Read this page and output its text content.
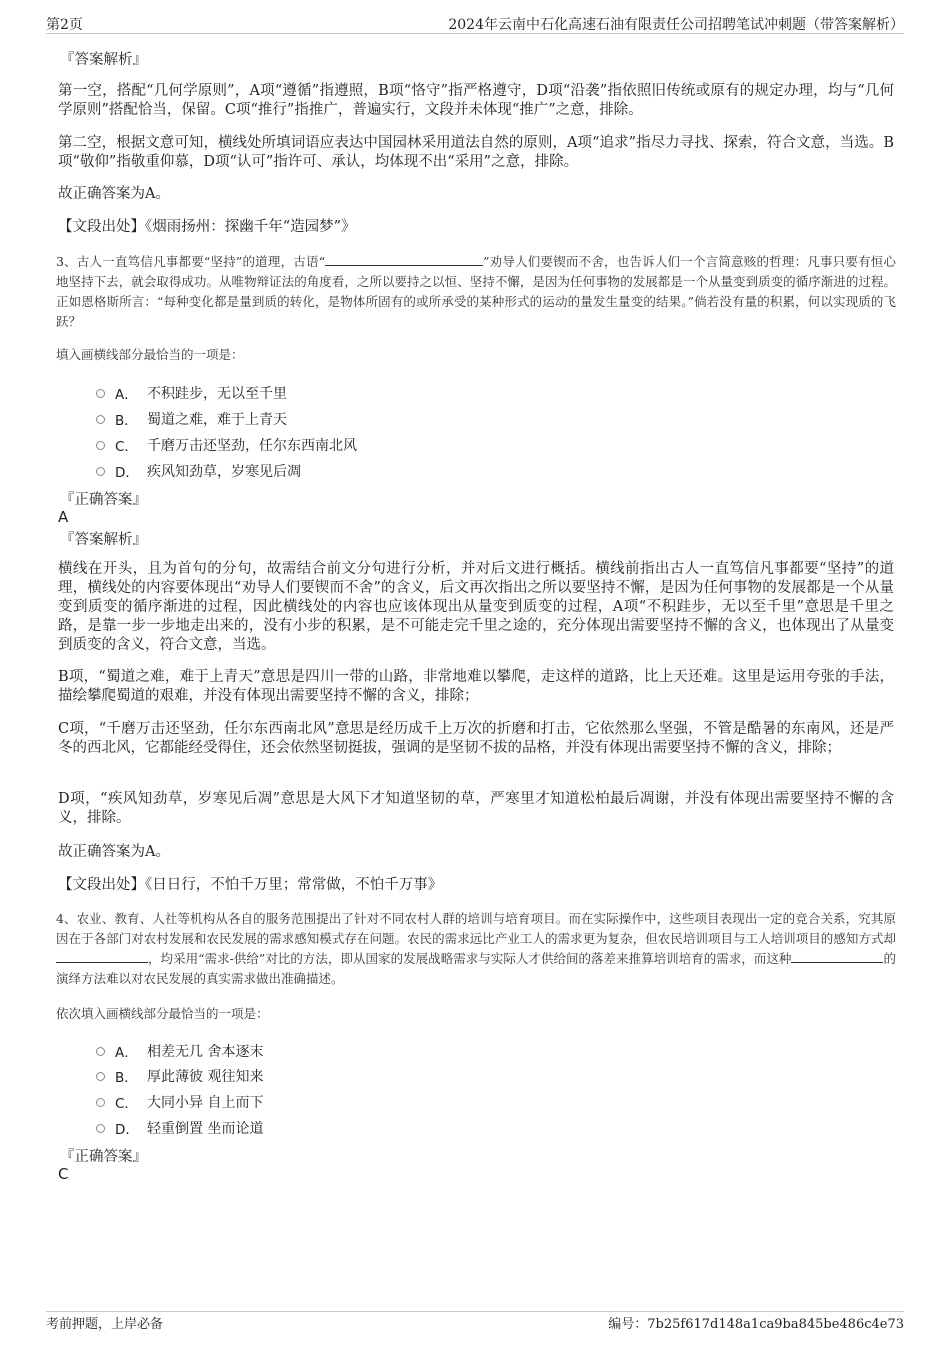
第2页	2024年云南中石化高速石油有限责任公司招聘笔试冲刺题（带答案解析）
『答案解析』
第一空，搭配“几何学原则”，A项“遵循”指遵照，B项“恪守”指严格遵守，D项“沿袭”指依照旧传统或原有的规定办理，均与“几何学原则”搭配恰当，保留。C项“推行”指推广，普遍实行，文段并未体现“推广”之意，排除。
第二空，根据文意可知，横线处所填词语应表达中国园林采用道法自然的原则，A项“追求”指尽力寻找、探索，符合文意，当选。B项“敬仰”指敬重仰慕，D项“认可”指许可、承认，均体现不出“采用”之意，排除。
故正确答案为A。
【文段出处】《烟雨扬州：探幽千年“造园梦”》
3、古人一直笃信凡事都要“坚持”的道理，古语“	”劝导人们要锲而不舍，也告诉人们一个言简意赅的哲理：凡事只要有恒心地坚持下去，就会取得成功。从唯物辩证法的角度看，之所以要持之以恒、坚持不懈，是因为任何事物的发展都是一个从量变到质变的循序渐进的过程。正如恩格斯所言：“每种变化都是量到质的转化，是物体所固有的或所承受的某种形式的运动的量发生量变的结果。”倘若没有量的积累，何以实现质的飞跃？
填入画横线部分最恰当的一项是：
A． 不积跬步，无以至千里
B． 蜀道之难，难于上青天
C． 千磨万击还坚劲，任尔东西南北风
D． 疾风知劲草，岁寒见后凋
『正确答案』
A
『答案解析』
横线在开头，且为首句的分句，故需结合前文分句进行分析，并对后文进行概括。横线前指出古人一直笃信凡事都要“坚持”的道理，横线处的内容要体现出“劝导人们要锲而不舍”的含义，后文再次指出之所以要坚持不懈，是因为任何事物的发展都是一个从量变到质变的循序渐进的过程，因此横线处的内容也应该体现出从量变到质变的过程，A项“不积跬步，无以至千里”意思是千里之路，是靠一步一步地走出来的，没有小步的积累，是不可能走完千里之途的，充分体现出需要坚持不懈的含义，也体现出了从量变到质变的含义，符合文意，当选。
B项，“蜀道之难，难于上青天”意思是四川一带的山路，非常地难以攀爬，走这样的道路，比上天还难。这里是运用夸张的手法，描绘攀爬蜀道的艰难，并没有体现出需要坚持不懈的含义，排除；
C项，“千磨万击还坚劲，任尔东西南北风”意思是经历成千上万次的折磨和打击，它依然那么坚强，不管是酷暑的东南风，还是严冬的西北风，它都能经受得住，还会依然坚韧挺拔，强调的是坚韧不拔的品格，并没有体现出需要坚持不懈的含义，排除；
D项，“疾风知劲草，岁寒见后凋”意思是大风下才知道坚韧的草，严寒里才知道松柏最后凋谢，并没有体现出需要坚持不懈的含义，排除。
故正确答案为A。
【文段出处】《日日行，不怕千万里；常常做，不怕千万事》
4、农业、教育、人社等机构从各自的服务范围提出了针对不同农村人群的培训与培育项目。而在实际操作中，这些项目表现出一定的竞合关系，究其原因在于各部门对农村发展和农民发展的需求感知模式存在问题。农民的需求远比产业工人的需求更为复杂，但农民培训项目与工人培训项目的感知方式却，均采用“需求-供给”对比的方法，即从国家的发展战略需求与实际人才供给间的落差来推算培训培育的需求，而这种	的演绎方法难以对农民发展的真实需求做出准确描述。
依次填入画横线部分最恰当的一项是：
A． 相差无几 舍本逐末
B． 厚此薄彼 观往知来
C． 大同小异 自上而下
D． 轻重倒置 坐而论道
『正确答案』
C
考前押题，上岸必备	编号：7b25f617d148a1ca9ba845be486c4e73
